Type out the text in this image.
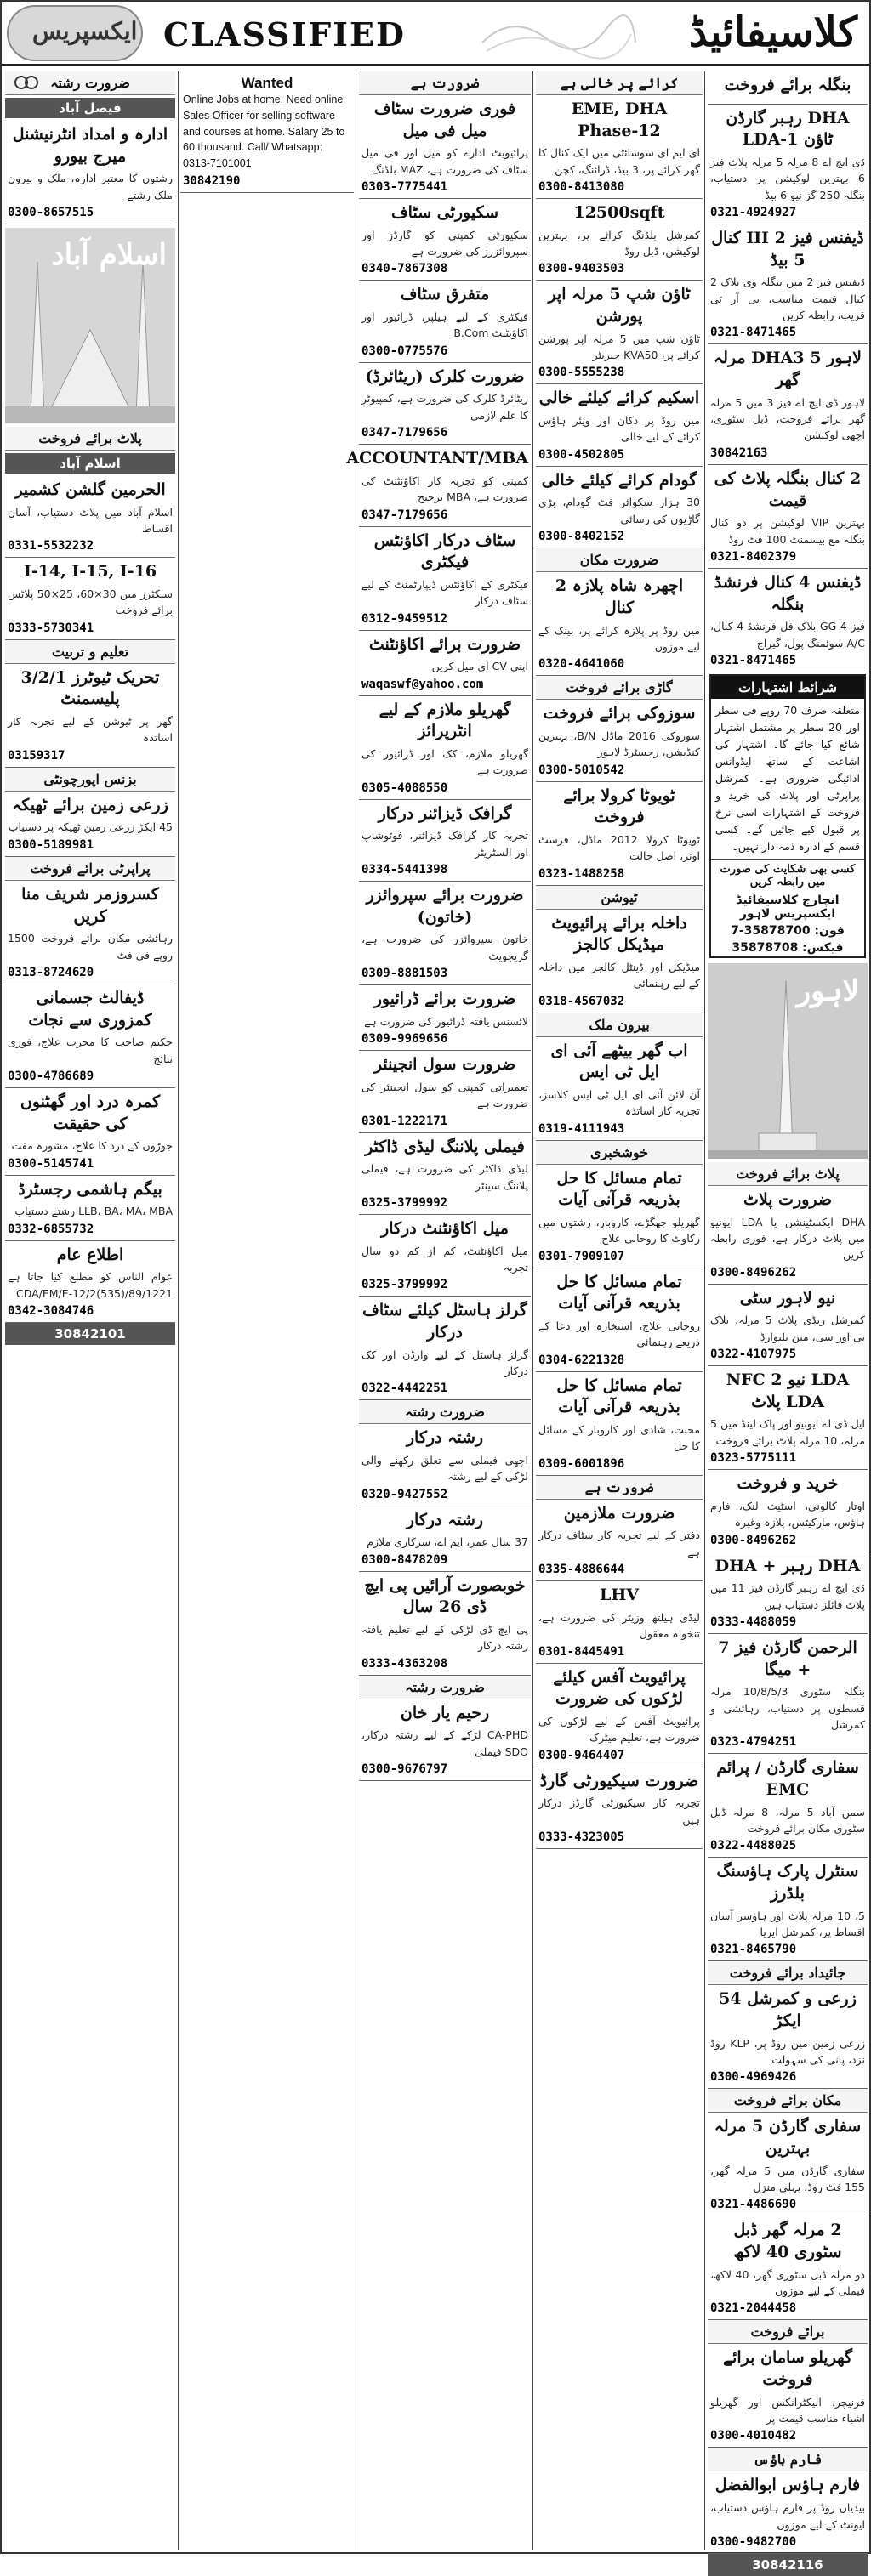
ایکسپریس CLASSIFIED	کلاسیفائیڈ
بنگلہ برائے فروخت
DHA رہبر گارڈن ٹاؤن LDA-1
ڈی ایچ اے 8 مرلہ 5 مرلہ پلاٹ فیز 6 بہترین لوکیشن پر دستیاب، بنگلہ 250 گز نیو 6 بیڈ
0321-4924927
ڈیفنس فیز III 2 کنال 5 بیڈ
ڈیفنس فیز 2 میں بنگلہ وی بلاک 2 کنال قیمت مناسب، بی آر ٹی قریب، رابطہ کریں
0321-8471465
لاہور DHA3 5 مرلہ گھر
لاہور ڈی ایچ اے فیز 3 میں 5 مرلہ گھر برائے فروخت، ڈبل سٹوری، اچھی لوکیشن
30842163
2 کنال بنگلہ پلاٹ کی قیمت
بہترین VIP لوکیشن پر دو کنال بنگلہ مع بیسمنٹ 100 فٹ روڈ
0321-8402379
ڈیفنس 4 کنال فرنشڈ بنگلہ
فیز 4 GG بلاک فل فرنشڈ 4 کنال، A/C سوئمنگ پول، گیراج
0321-8471465
شرائط اشتہارات
متعلقہ صرف 70 روپے فی سطر اور 20 سطر پر مشتمل اشتہار شائع کیا جائے گا۔ اشتہار کی اشاعت کے ساتھ ایڈوانس ادائیگی ضروری ہے۔ کمرشل پراپرٹی اور پلاٹ کی خرید و فروخت کے اشتہارات اسی نرخ پر قبول کیے جائیں گے۔ کسی قسم کے ادارہ ذمہ دار نہیں۔
کسی بھی شکایت کی صورت میں رابطہ کریں
انچارج کلاسیفائیڈ ایکسپریس لاہور
فون: 35878700-7
فیکس: 35878708
لاہور
پلاٹ برائے فروخت
ضرورت پلاٹ
DHA ایکسٹینشن یا LDA ایونیو میں پلاٹ درکار ہے، فوری رابطہ کریں
0300-8496262
نیو لاہور سٹی
کمرشل ریڈی پلاٹ 5 مرلہ، بلاک بی اور سی، مین بلیوارڈ
0322-4107975
LDA نیو NFC 2 LDA پلاٹ
ایل ڈی اے ایونیو اور پاک لینڈ میں 5 مرلہ، 10 مرلہ پلاٹ برائے فروخت
0323-5775111
خرید و فروخت
اوتار کالونی، اسٹیٹ لنک، فارم ہاؤس، مارکیٹس، پلازہ وغیرہ
0300-8496262
DHA رہبر + DHA
ڈی ایچ اے رہبر گارڈن فیز 11 میں پلاٹ فائلز دستیاب ہیں
0333-4488059
الرحمن گارڈن فیز 7 + میگا
بنگلہ سٹوری 10/8/5/3 مرلہ قسطوں پر دستیاب، رہائشی و کمرشل
0323-4794251
سفاری گارڈن / پرائم EMC
سمن آباد 5 مرلہ، 8 مرلہ ڈبل سٹوری مکان برائے فروخت
0322-4488025
سنٹرل پارک ہاؤسنگ بلڈرز
5، 10 مرلہ پلاٹ اور ہاؤسز آسان اقساط پر، کمرشل ایریا
0321-8465790
جائیداد برائے فروخت
زرعی و کمرشل 54 ایکڑ
زرعی زمین مین روڈ پر، KLP روڈ نزد، پانی کی سہولت
0300-4969426
مکان برائے فروخت
سفاری گارڈن 5 مرلہ بہترین
سفاری گارڈن میں 5 مرلہ گھر، 155 فٹ روڈ، پہلی منزل
0321-4486690
2 مرلہ گھر ڈبل سٹوری 40 لاکھ
دو مرلہ ڈبل سٹوری گھر، 40 لاکھ، فیملی کے لیے موزوں
0321-2044458
برائے فروخت
گھریلو سامان برائے فروخت
فرنیچر، الیکٹرانکس اور گھریلو اشیاء مناسب قیمت پر
0300-4010482
فارم ہاؤس
فارم ہاؤس ابوالفضل
بیدیاں روڈ پر فارم ہاؤس دستیاب، ایونٹ کے لیے موزوں
0300-9482700
30842116
کرائے پر خالی ہے
EME, DHA Phase-12
ای ایم ای سوسائٹی میں ایک کنال کا گھر کرائے پر، 3 بیڈ، ڈرائنگ، کچن
0300-8413080
12500sqft
کمرشل بلڈنگ کرائے پر، بہترین لوکیشن، ڈبل روڈ
0300-9403503
ٹاؤن شپ 5 مرلہ اپر پورشن
ٹاؤن شپ میں 5 مرلہ اپر پورشن کرائے پر، KVA50 جنریٹر
0300-5555238
اسکیم کرائے کیلئے خالی
مین روڈ پر دکان اور ویئر ہاؤس کرائے کے لیے خالی
0300-4502805
گودام کرائے کیلئے خالی
30 ہزار سکوائر فٹ گودام، بڑی گاڑیوں کی رسائی
0300-8402152
ضرورت مکان
اچھرہ شاہ پلازہ 2 کنال
مین روڈ پر پلازہ کرائے پر، بینک کے لیے موزوں
0320-4641060
گاڑی برائے فروخت
سوزوکی برائے فروخت
سوزوکی 2016 ماڈل B/N، بہترین کنڈیشن، رجسٹرڈ لاہور
0300-5010542
ٹویوٹا کرولا برائے فروخت
ٹویوٹا کرولا 2012 ماڈل، فرسٹ اونر، اصل حالت
0323-1488258
ٹیوشن
داخلہ برائے پرائیویٹ میڈیکل کالجز
میڈیکل اور ڈینٹل کالجز میں داخلہ کے لیے رہنمائی
0318-4567032
بیرون ملک
اب گھر بیٹھے آئی ای ایل ٹی ایس
آن لائن آئی ای ایل ٹی ایس کلاسز، تجربہ کار اساتذہ
0319-4111943
خوشخبری
تمام مسائل کا حل بذریعہ قرآنی آیات
گھریلو جھگڑے، کاروبار، رشتوں میں رکاوٹ کا روحانی علاج
0301-7909107
تمام مسائل کا حل بذریعہ قرآنی آیات
روحانی علاج، استخارہ اور دعا کے ذریعے رہنمائی
0304-6221328
تمام مسائل کا حل بذریعہ قرآنی آیات
محبت، شادی اور کاروبار کے مسائل کا حل
0309-6001896
ضرورت ہے
ضرورت ملازمین
دفتر کے لیے تجربہ کار سٹاف درکار ہے
0335-4886644
LHV
لیڈی ہیلتھ وزیٹر کی ضرورت ہے، تنخواہ معقول
0301-8445491
پرائیویٹ آفس کیلئے لڑکوں کی ضرورت
پرائیویٹ آفس کے لیے لڑکوں کی ضرورت ہے، تعلیم میٹرک
0300-9464407
ضرورت سیکیورٹی گارڈ
تجربہ کار سیکیورٹی گارڈز درکار ہیں
0333-4323005
ضرورت ہے
فوری ضرورت سٹاف میل فی میل
پرائیویٹ ادارے کو میل اور فی میل سٹاف کی ضرورت ہے، MAZ بلڈنگ
0303-7775441
سکیورٹی سٹاف
سکیورٹی کمپنی کو گارڈز اور سپروائزرز کی ضرورت ہے
0340-7867308
متفرق سٹاف
فیکٹری کے لیے ہیلپر، ڈرائیور اور اکاؤنٹنٹ B.Com
0300-0775576
ضرورت کلرک (ریٹائرڈ)
ریٹائرڈ کلرک کی ضرورت ہے، کمپیوٹر کا علم لازمی
0347-7179656
ACCOUNTANT/MBA
کمپنی کو تجربہ کار اکاؤنٹنٹ کی ضرورت ہے، MBA ترجیح
0347-7179656
سٹاف درکار اکاؤنٹس فیکٹری
فیکٹری کے اکاؤنٹس ڈیپارٹمنٹ کے لیے سٹاف درکار
0312-9459512
ضرورت برائے اکاؤنٹنٹ
اپنی CV ای میل کریں
waqaswf@yahoo.com
گھریلو ملازم کے لیے انٹرپرائز
گھریلو ملازم، کک اور ڈرائیور کی ضرورت ہے
0305-4088550
گرافک ڈیزائنر درکار
تجربہ کار گرافک ڈیزائنر، فوٹوشاپ اور السٹریٹر
0334-5441398
ضرورت برائے سپروائزر (خاتون)
خاتون سپروائزر کی ضرورت ہے، گریجویٹ
0309-8881503
ضرورت برائے ڈرائیور
لائسنس یافتہ ڈرائیور کی ضرورت ہے
0309-9969656
ضرورت سول انجینئر
تعمیراتی کمپنی کو سول انجینئر کی ضرورت ہے
0301-1222171
فیملی پلاننگ لیڈی ڈاکٹر
لیڈی ڈاکٹر کی ضرورت ہے، فیملی پلاننگ سینٹر
0325-3799992
میل اکاؤنٹنٹ درکار
میل اکاؤنٹنٹ، کم از کم دو سال تجربہ
0325-3799992
گرلز ہاسٹل کیلئے سٹاف درکار
گرلز ہاسٹل کے لیے وارڈن اور کک درکار
0322-4442251
ضرورت رشتہ
رشتہ درکار
اچھی فیملی سے تعلق رکھنے والی لڑکی کے لیے رشتہ
0320-9427552
رشتہ درکار
37 سال عمر، ایم اے، سرکاری ملازم
0300-8478209
خوبصورت آرائیں پی ایچ ڈی 26 سال
پی ایچ ڈی لڑکی کے لیے تعلیم یافتہ رشتہ درکار
0333-4363208
ضرورت رشتہ
رحیم یار خان
CA-PHD لڑکے کے لیے رشتہ درکار، SDO فیملی
0300-9676797
Wanted
Online Jobs at home. Need online Sales Officer for selling software and courses at home. Salary 25 to 60 thousand. Call/ Whatsapp: 0313-7101001
30842190
ضرورت رشتہ
فیصل آباد
ادارہ و امداد انٹرنیشنل میرج بیورو
رشتوں کا معتبر ادارہ، ملک و بیرون ملک رشتے
0300-8657515
اسلام آباد
پلاٹ برائے فروخت
اسلام آباد
الحرمین گلشن کشمیر
اسلام آباد میں پلاٹ دستیاب، آسان اقساط
0331-5532232
I-14, I-15, I-16
سیکٹرز میں 30×60، 25×50 پلاٹس برائے فروخت
0333-5730341
تعلیم و تربیت
تحریک ٹیوٹرز 3/2/1 پلیسمنٹ
گھر پر ٹیوشن کے لیے تجربہ کار اساتذہ
03159317
بزنس اپورچونٹی
زرعی زمین برائے ٹھیکہ
45 ایکڑ زرعی زمین ٹھیکہ پر دستیاب
0300-5189981
پراپرٹی برائے فروخت
کسروزمر شریف منا کریں
رہائشی مکان برائے فروخت 1500 روپے فی فٹ
0313-8724620
ڈیفالٹ جسمانی کمزوری سے نجات
حکیم صاحب کا مجرب علاج، فوری نتائج
0300-4786689
کمرہ درد اور گھٹنوں کی حقیقت
جوڑوں کے درد کا علاج، مشورہ مفت
0300-5145741
بیگم ہاشمی رجسٹرڈ
LLB، BA، MA، MBA رشتے دستیاب
0332-6855732
اطلاع عام
عوام الناس کو مطلع کیا جاتا ہے CDA/EM/E-12/2(535)/89/1221
0342-3084746
30842101
